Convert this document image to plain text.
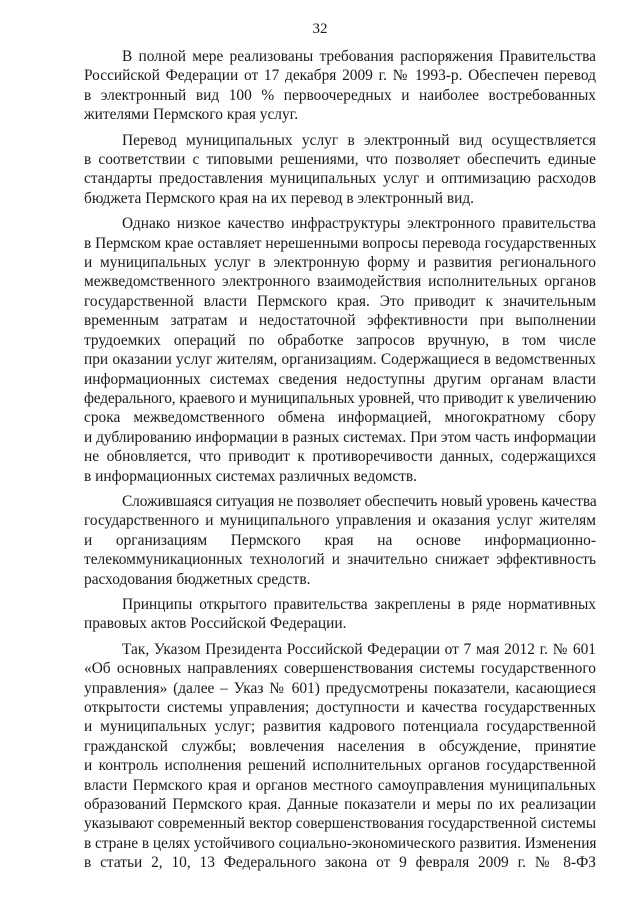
32
В полной мере реализованы требования распоряжения Правительства
Российской Федерации от 17 декабря 2009 г. № 1993-р. Обеспечен перевод
в электронный вид 100 % первоочередных и наиболее востребованных
жителями Пермского края услуг.
Перевод муниципальных услуг в электронный вид осуществляется
в соответствии с типовыми решениями, что позволяет обеспечить единые
стандарты предоставления муниципальных услуг и оптимизацию расходов
бюджета Пермского края на их перевод в электронный вид.
Однако низкое качество инфраструктуры электронного правительства
в Пермском крае оставляет нерешенными вопросы перевода государственных
и муниципальных услуг в электронную форму и развития регионального
межведомственного электронного взаимодействия исполнительных органов
государственной власти Пермского края. Это приводит к значительным
временным затратам и недостаточной эффективности при выполнении
трудоемких операций по обработке запросов вручную, в том числе
при оказании услуг жителям, организациям. Содержащиеся в ведомственных
информационных системах сведения недоступны другим органам власти
федерального, краевого и муниципальных уровней, что приводит к увеличению
срока межведомственного обмена информацией, многократному сбору
и дублированию информации в разных системах. При этом часть информации
не обновляется, что приводит к противоречивости данных, содержащихся
в информационных системах различных ведомств.
Сложившаяся ситуация не позволяет обеспечить новый уровень качества
государственного и муниципального управления и оказания услуг жителям
и организациям Пермского края на основе информационно-
телекоммуникационных технологий и значительно снижает эффективность
расходования бюджетных средств.
Принципы открытого правительства закреплены в ряде нормативных
правовых актов Российской Федерации.
Так, Указом Президента Российской Федерации от 7 мая 2012 г. № 601
«Об основных направлениях совершенствования системы государственного
управления» (далее – Указ № 601) предусмотрены показатели, касающиеся
открытости системы управления; доступности и качества государственных
и муниципальных услуг; развития кадрового потенциала государственной
гражданской службы; вовлечения населения в обсуждение, принятие
и контроль исполнения решений исполнительных органов государственной
власти Пермского края и органов местного самоуправления муниципальных
образований Пермского края. Данные показатели и меры по их реализации
указывают современный вектор совершенствования государственной системы
в стране в целях устойчивого социально-экономического развития. Изменения
в статьи 2, 10, 13 Федерального закона от 9 февраля 2009 г. № 8-ФЗ
